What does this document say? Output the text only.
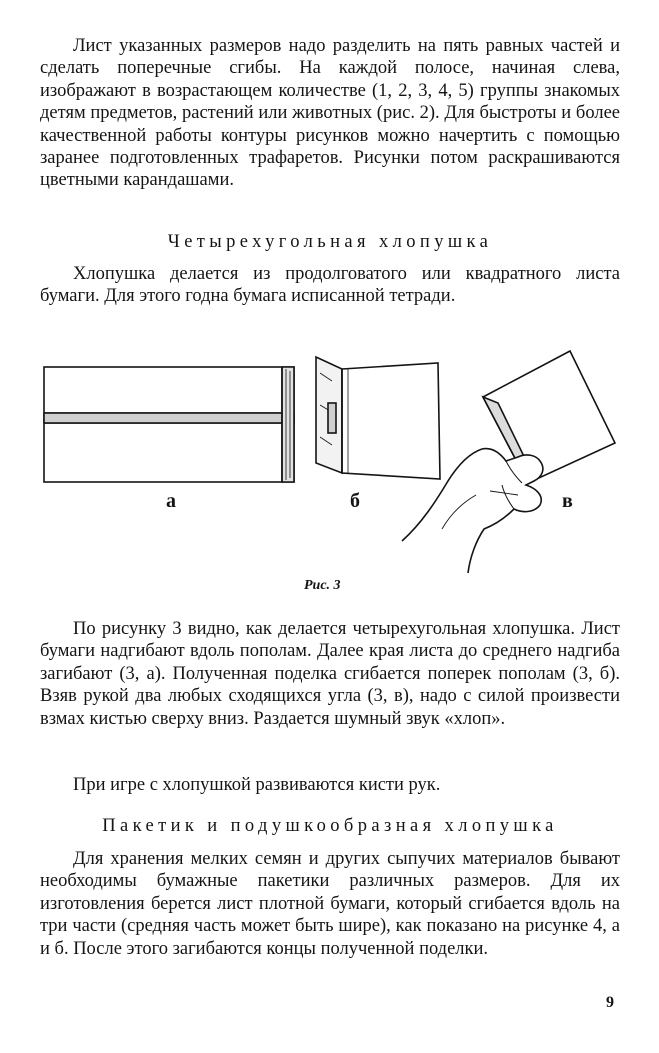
Лист указанных размеров надо разделить на пять равных частей и сделать поперечные сгибы. На каждой полосе, начиная слева, изображают в возрастающем количестве (1, 2, 3, 4, 5) группы знакомых детям предметов, растений или животных (рис. 2). Для быстроты и более качественной работы контуры рисунков можно начертить с помощью заранее подготовленных трафаретов. Рисунки потом раскрашиваются цветными карандашами.

Четырехугольная хлопушка

Хлопушка делается из продолговатого или квадратного листа бумаги. Для этого годна бумага исписанной тетради.

а	б	в
Рис. 3

По рисунку 3 видно, как делается четырехугольная хлопушка. Лист бумаги надгибают вдоль пополам. Далее края листа до среднего надгиба загибают (3, а). Полученная поделка сгибается поперек пополам (3, б). Взяв рукой два любых сходящихся угла (3, в), надо с силой произвести взмах кистью сверху вниз. Раздается шумный звук «хлоп».

При игре с хлопушкой развиваются кисти рук.

Пакетик и подушкообразная хлопушка

Для хранения мелких семян и других сыпучих материалов бывают необходимы бумажные пакетики различных размеров. Для их изготовления берется лист плотной бумаги, который сгибается вдоль на три части (средняя часть может быть шире), как показано на рисунке 4, а и б. После этого загибаются концы полученной поделки.

9
